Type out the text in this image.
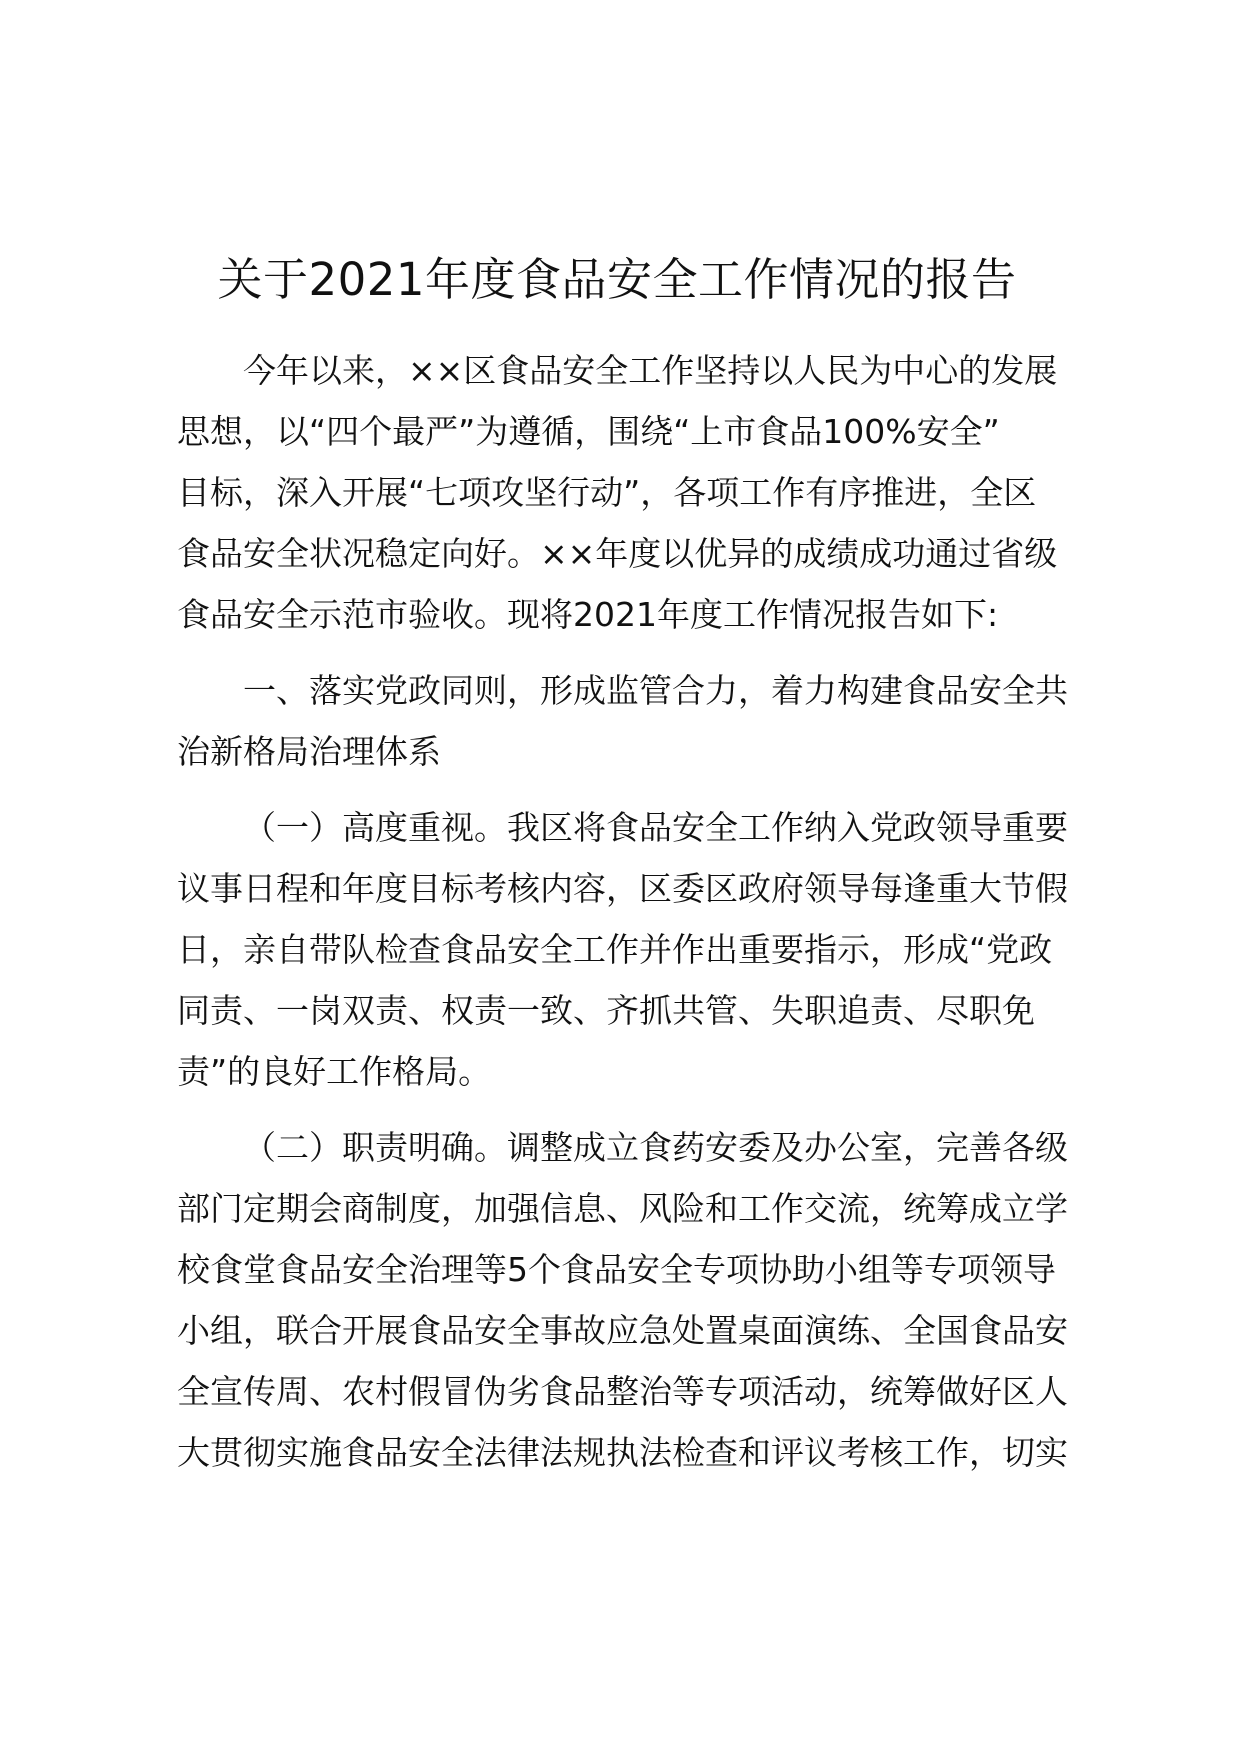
关于2021年度食品安全工作情况的报告
今年以来，××区食品安全工作坚持以人民为中心的发展
思想，以“四个最严”为遵循，围绕“上市食品100%安全”
目标，深入开展“七项攻坚行动”，各项工作有序推进，全区
食品安全状况稳定向好。××年度以优异的成绩成功通过省级
食品安全示范市验收。现将2021年度工作情况报告如下:
一、落实党政同则，形成监管合力，着力构建食品安全共
治新格局治理体系
（一）高度重视。我区将食品安全工作纳入党政领导重要
议事日程和年度目标考核内容，区委区政府领导每逢重大节假
日，亲自带队检查食品安全工作并作出重要指示，形成“党政
同责、一岗双责、权责一致、齐抓共管、失职追责、尽职免
责”的良好工作格局。
（二）职责明确。调整成立食药安委及办公室，完善各级
部门定期会商制度，加强信息、风险和工作交流，统筹成立学
校食堂食品安全治理等5个食品安全专项协助小组等专项领导
小组，联合开展食品安全事故应急处置桌面演练、全国食品安
全宣传周、农村假冒伪劣食品整治等专项活动，统筹做好区人
大贯彻实施食品安全法律法规执法检查和评议考核工作，切实
